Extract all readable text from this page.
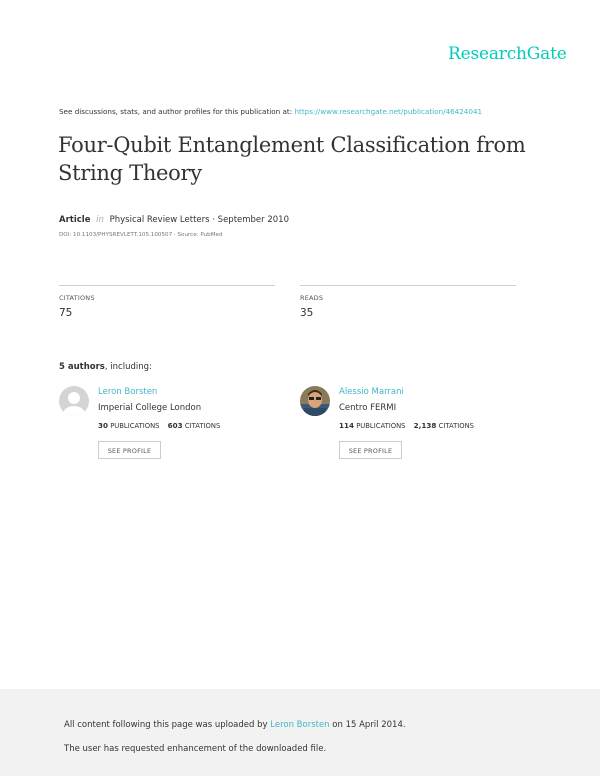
ResearchGate
See discussions, stats, and author profiles for this publication at: https://www.researchgate.net/publication/46424041
Four-Qubit Entanglement Classification from
String Theory
Article in Physical Review Letters · September 2010
DOI: 10.1103/PHYSREVLETT.105.100507 · Source: PubMed
CITATIONS
75
READS
35
5 authors, including:
Leron Borsten
Imperial College London
30 PUBLICATIONS 603 CITATIONS
SEE PROFILE
Alessio Marrani
Centro FERMI
114 PUBLICATIONS 2,138 CITATIONS
SEE PROFILE
All content following this page was uploaded by Leron Borsten on 15 April 2014.
The user has requested enhancement of the downloaded file.
